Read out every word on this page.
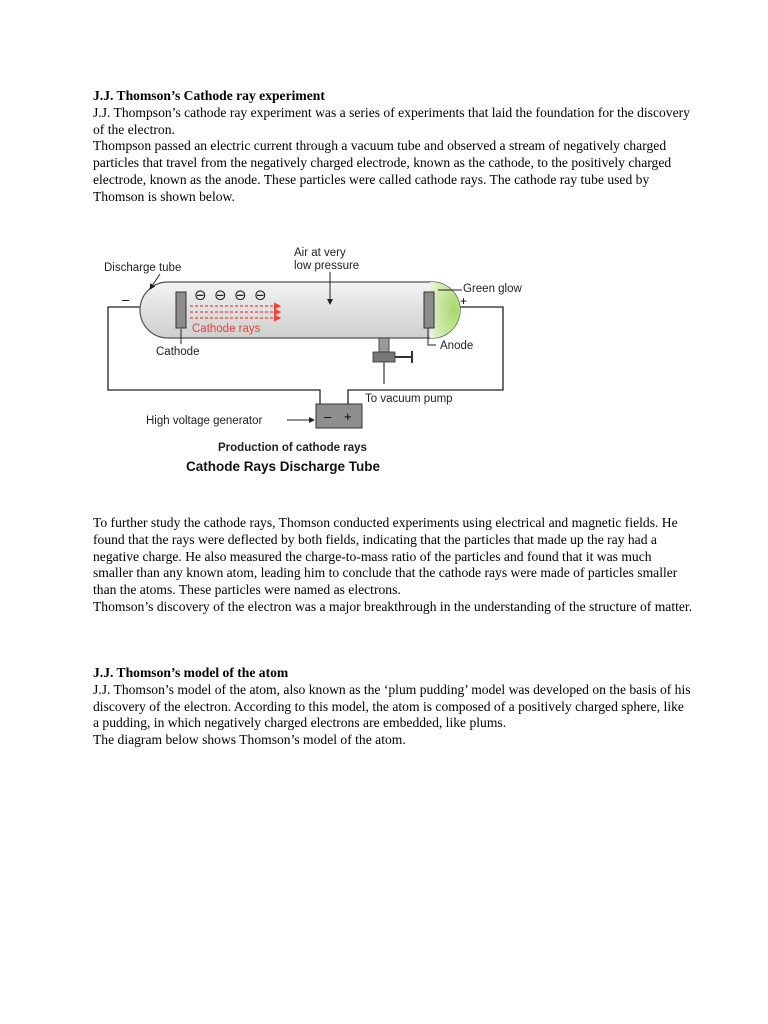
J.J. Thomson’s Cathode ray experiment

J.J. Thompson’s cathode ray experiment was a series of experiments that laid the foundation for the discovery of the electron.

Thompson passed an electric current through a vacuum tube and observed a stream of negatively charged particles that travel from the negatively charged electrode, known as the cathode, to the positively charged electrode, known as the anode. These particles were called cathode rays. The cathode ray tube used by Thomson is shown below.

⊖ ⊖ ⊖ ⊖
Cathode rays
– +
–	+
Discharge tube
Air at very
low pressure
Green glow
Cathode	Anode
To vacuum pump
High voltage generator
Production of cathode rays
Cathode Rays Discharge Tube

To further study the cathode rays, Thomson conducted experiments using electrical and magnetic fields. He found that the rays were deflected by both fields, indicating that the particles that made up the ray had a negative charge. He also measured the charge-to-mass ratio of the particles and found that it was much smaller than any known atom, leading him to conclude that the cathode rays were made of particles smaller than the atoms. These particles were named as electrons.

Thomson’s discovery of the electron was a major breakthrough in the understanding of the structure of matter.

J.J. Thomson’s model of the atom

J.J. Thomson’s model of the atom, also known as the ‘plum pudding’ model was developed on the basis of his discovery of the electron. According to this model, the atom is composed of a positively charged sphere, like a pudding, in which negatively charged electrons are embedded, like plums.

The diagram below shows Thomson’s model of the atom.
